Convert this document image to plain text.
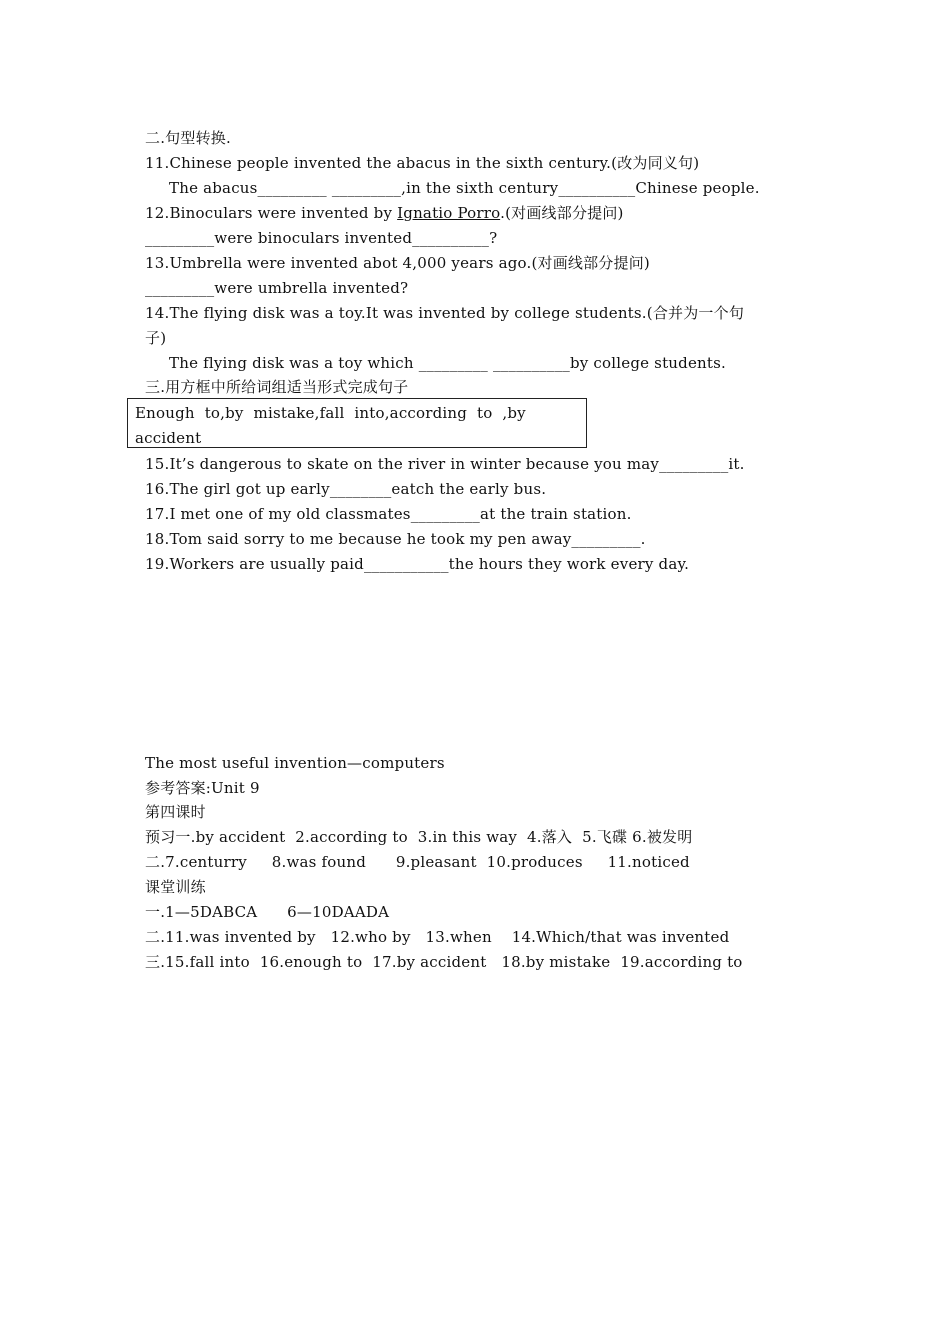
二.句型转换.
11.Chinese people invented the abacus in the sixth century.(改为同义句)
The abacus_________ _________,in the sixth century__________Chinese people.
12.Binoculars were invented by Ignatio Porro.(对画线部分提问)
_________were binoculars invented__________?
13.Umbrella were invented abot 4,000 years ago.(对画线部分提问)
_________were umbrella invented?
14.The flying disk was a toy.It was invented by college students.(合并为一个句
子)
The flying disk was a toy which _________ __________by college students.
三.用方框中所给词组适当形式完成句子
Enough  to,by  mistake,fall  into,according  to  ,by
accident
15.It’s dangerous to skate on the river in winter because you may_________it.
16.The girl got up early________eatch the early bus.
17.I met one of my old classmates_________at the train station.
18.Tom said sorry to me because he took my pen away_________.
19.Workers are usually paid___________the hours they work every day.
The most useful invention—computers
参考答案:Unit 9
第四课时
预习一.by accident  2.according to  3.in this way  4.落入  5.飞碟 6.被发明
二.7.centurry     8.was found      9.pleasant  10.produces     11.noticed
课堂训练
一.1—5DABCA      6—10DAADA
二.11.was invented by   12.who by   13.when    14.Which/that was invented
三.15.fall into  16.enough to  17.by accident   18.by mistake  19.according to
